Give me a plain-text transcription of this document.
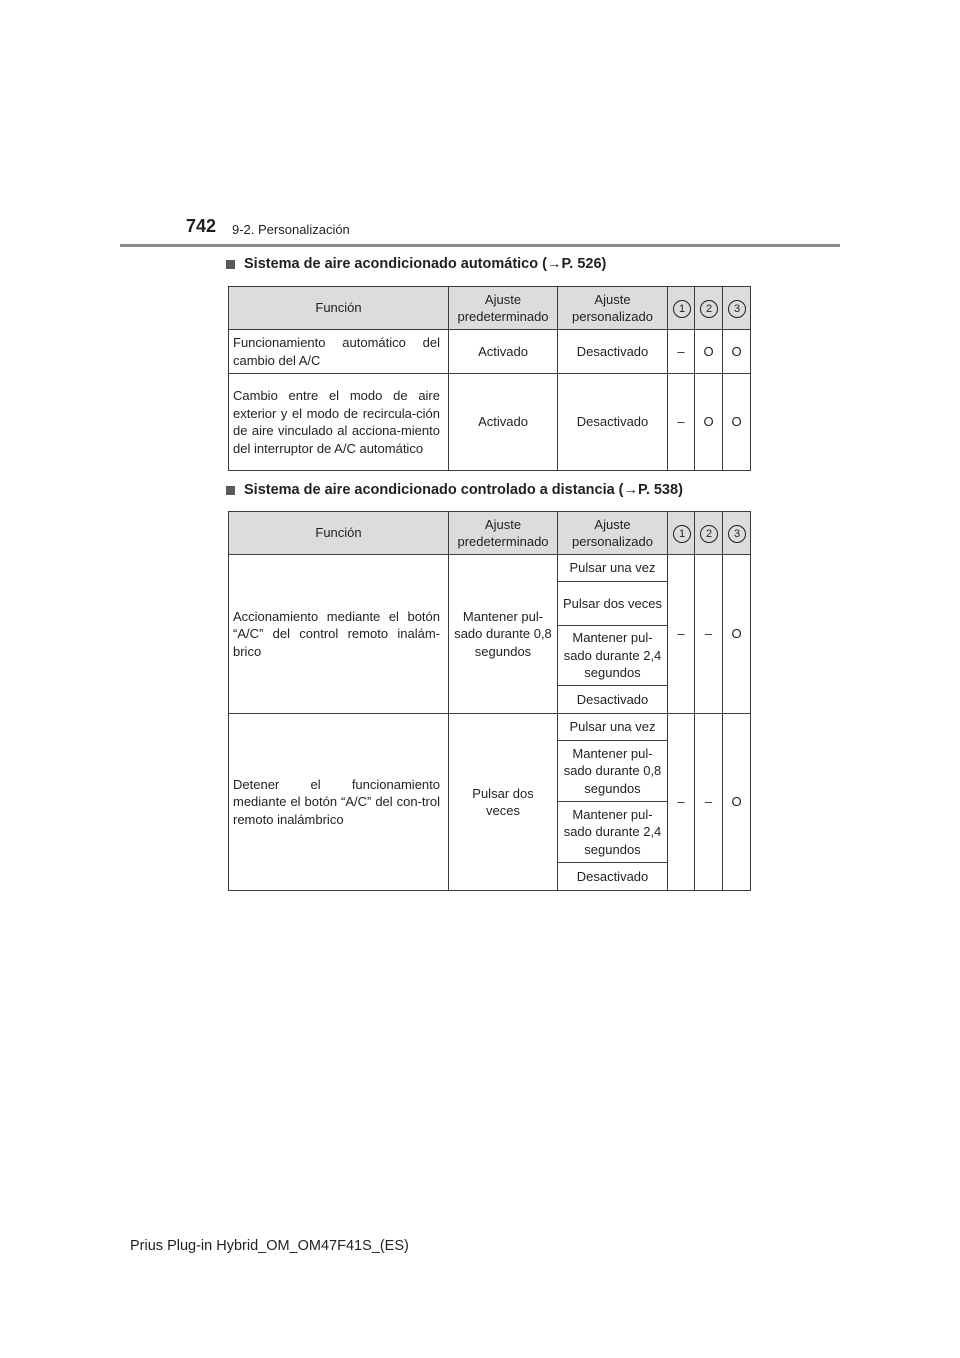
742 9-2. Personalización
Sistema de aire acondicionado automático (→P. 526)
Función	Ajuste predeterminado	Ajuste personalizado	1	2	3
Funcionamiento automático del cambio del A/C	Activado	Desactivado	–	O	O
Cambio entre el modo de aire exterior y el modo de recircula-ción de aire vinculado al acciona-miento del interruptor de A/C automático	Activado	Desactivado	–	O	O
Sistema de aire acondicionado controlado a distancia (→P. 538)
Función	Ajuste predeterminado	Ajuste personalizado	1	2	3
Accionamiento mediante el botón “A/C” del control remoto inalám-brico	Mantener pul-sado durante 0,8 segundos	Pulsar una vez	–	–	O
		Pulsar dos veces			
		Mantener pul-sado durante 2,4 segundos			
		Desactivado			
Detener el funcionamiento mediante el botón “A/C” del con-trol remoto inalámbrico	Pulsar dos veces	Pulsar una vez	–	–	O
		Mantener pul-sado durante 0,8 segundos			
		Mantener pul-sado durante 2,4 segundos			
		Desactivado			
Prius Plug-in Hybrid_OM_OM47F41S_(ES)
